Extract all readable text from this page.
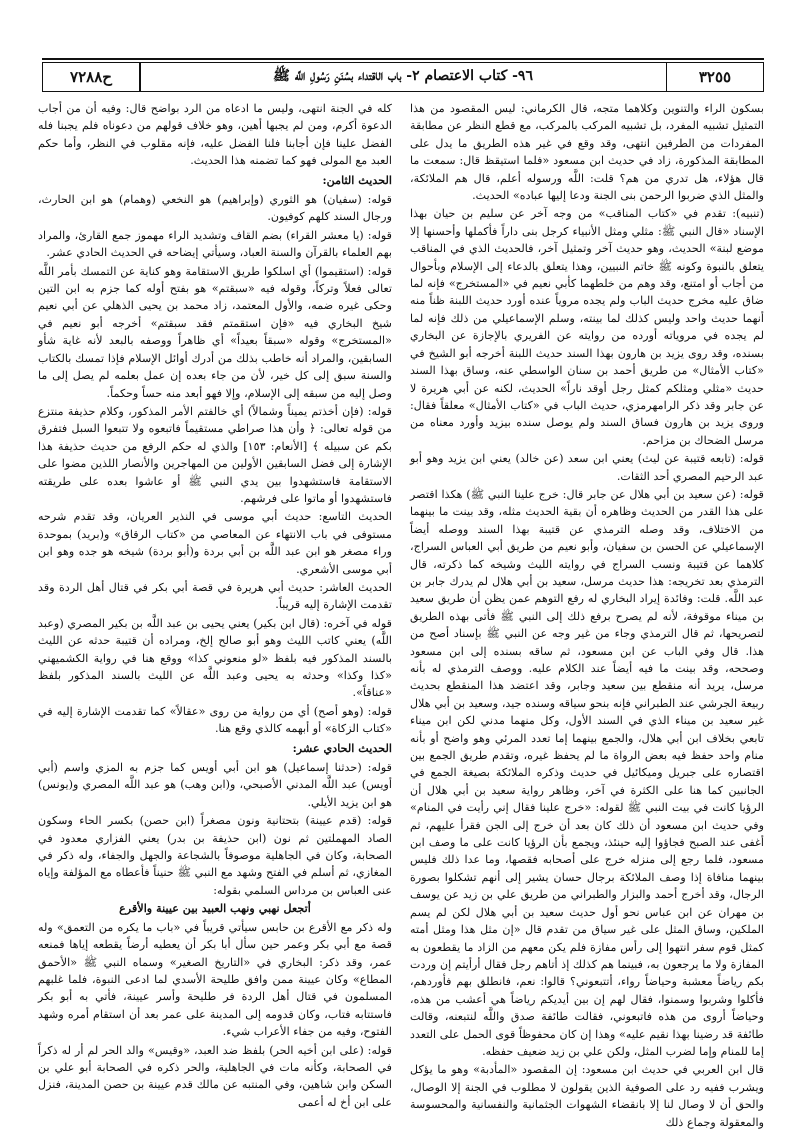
٣٢٥٥
٩٦- كتاب الاعتصام ٢- باب الاقتداء بسُنَنِ رَسُولِ اللَّه ﷺ
ح٧٢٨٨

بسكون الراء والتنوين وكلاهما متجه، قال الكرماني: ليس المقصود من هذا التمثيل تشبيه المفرد، بل تشبيه المركب بالمركب، مع قطع النظر عن مطابقة المفردات من الطرفين انتهى، وقد وقع في غير هذه الطريق ما يدل على المطابقة المذكورة، زاد في حديث ابن مسعود «فلما استيقظ قال: سمعت ما قال هؤلاء، هل تدري من هم؟ قلت: اللَّه ورسوله أعلم، قال هم الملائكة، والمثل الذي ضربوا الرحمن بنى الجنة ودعا إليها عباده» الحديث.

(تنبيه): تقدم في «كتاب المناقب» من وجه آخر عن سليم بن حيان بهذا الإسناد «قال النبي ﷺ: مثلي ومثل الأنبياء كرجل بنى داراً فأكملها وأحسنها إلا موضع لبنة» الحديث، وهو حديث آخر وتمثيل آخر، فالحديث الذي في المناقب يتعلق بالنبوة وكونه ﷺ خاتم النبيين، وهذا يتعلق بالدعاء إلى الإسلام وبأحوال من أجاب أو امتنع، وقد وهم من خلطهما كأبي نعيم في «المستخرج» فإنه لما ضاق عليه مخرج حديث الباب ولم يجده مروياً عنده أورد حديث اللبنة ظناً منه أنهما حديث واحد وليس كذلك لما بينته، وسلم الإسماعيلي من ذلك فإنه لما لم يجده في مروياته أورده من روايته عن الفريري بالإجازة عن البخاري بسنده، وقد روى يزيد بن هارون بهذا السند حديث اللبنة أخرجه أبو الشيخ في «كتاب الأمثال» من طريق أحمد بن سنان الواسطي عنه، وساق بهذا السند حديث «مثلي ومثلكم كمثل رجل أوقد ناراً» الحديث، لكنه عن أبي هريرة لا عن جابر وقد ذكر الرامهرمزي، حديث الباب في «كتاب الأمثال» معلقاً فقال: وروى يزيد بن هارون فساق السند ولم يوصل سنده بيزيد وأورد معناه من مرسل الضحاك بن مزاحم.

قوله: (تابعه قتيبة عن ليث) يعني ابن سعد (عن خالد) يعني ابن يزيد وهو أبو عبد الرحيم المصري أحد الثقات.

قوله: (عن سعيد بن أبي هلال عن جابر قال: خرج علينا النبي ﷺ) هكذا اقتصر على هذا القدر من الحديث وظاهره أن بقية الحديث مثله، وقد بينت ما بينهما من الاختلاف، وقد وصله الترمذي عن قتيبة بهذا السند ووصله أيضاً الإسماعيلي عن الحسن بن سفيان، وأبو نعيم من طريق أبي العباس السراج، كلاهما عن قتيبة ونسب السراج في روايته الليث وشيخه كما ذكرته، قال الترمذي بعد تخريجه: هذا حديث مرسل، سعيد بن أبي هلال لم يدرك جابر بن عبد اللَّه. قلت: وفائدة إيراد البخاري له رفع التوهم عمن يظن أن طريق سعيد بن ميناء موقوفة، لأنه لم يصرح برفع ذلك إلى النبي ﷺ فأتى بهذه الطريق لتصريحها، ثم قال الترمذي وجاء من غير وجه عن النبي ﷺ بإسناد أصح من هذا. قال وفي الباب عن ابن مسعود، ثم ساقه بسنده إلى ابن مسعود وصححه، وقد بينت ما فيه أيضاً عند الكلام عليه. ووصف الترمذي له بأنه مرسل، يريد أنه منقطع بين سعيد وجابر، وقد اعتضد هذا المنقطع بحديث ربيعة الجرشي عند الطبراني فإنه بنحو سياقه وسنده جيد، وسعيد بن أبي هلال غير سعيد بن ميناء الذي في السند الأول، وكل منهما مدني لكن ابن ميناء تابعي بخلاف ابن أبي هلال، والجمع بينهما إما تعدد المرئي وهو واضح أو بأنه منام واحد حفظ فيه بعض الرواة ما لم يحفظ غيره، وتقدم طريق الجمع بين اقتصاره على جبريل وميكائيل في حديث وذكره الملائكة بصيغة الجمع في الجانبين كما هنا على الكثرة في آخر، وظاهر رواية سعيد بن أبي هلال أن الرؤيا كانت في بيت النبي ﷺ لقوله: «خرج علينا فقال إني رأيت في المنام» وفي حديث ابن مسعود أن ذلك كان بعد أن خرج إلى الجن فقرأ عليهم، ثم أغفى عند الصبح فجاؤوا إليه حينئذ، ويجمع بأن الرؤيا كانت على ما وصف ابن مسعود، فلما رجع إلى منزله خرج على أصحابه فقصها، وما عدا ذلك فليس بينهما منافاة إذا وصف الملائكة برجال حسان يشير إلى أنهم تشكلوا بصورة الرجال، وقد أخرج أحمد والبزار والطبراني من طريق علي بن زيد عن يوسف بن مهران عن ابن عباس نحو أول حديث سعيد بن أبي هلال لكن لم يسم الملكين، وساق المثل على غير سياق من تقدم قال «إن مثل هذا ومثل أمته كمثل قوم سفر انتهوا إلى رأس مفازة فلم يكن معهم من الزاد ما يقطعون به المفازة ولا ما يرجعون به، فبينما هم كذلك إذ أتاهم رجل فقال أرأيتم إن وردت بكم رياضاً معشبة وحياضاً رواء، أتتبعوني؟ قالوا: نعم، فانطلق بهم فأوردهم، فأكلوا وشربوا وسمنوا، فقال لهم إن بين أيديكم رياضاً هي أعشب من هذه، وحياضاً أروى من هذه فاتبعوني، فقالت طائفة صدق واللَّه لنتبعنه، وقالت طائفة قد رضينا بهذا نقيم عليه» وهذا إن كان محفوظاً قوى الحمل على التعدد إما للمنام وإما لضرب المثل، ولكن علي بن زيد ضعيف حفظه.

قال ابن العربي في حديث ابن مسعود: إن المقصود «المأدبة» وهو ما يؤكل ويشرب ففيه رد على الصوفية الذين يقولون لا مطلوب في الجنة إلا الوصال، والحق أن لا وصال لنا إلا بانقضاء الشهوات الجثمانية والنفسانية والمحسوسة والمعقولة وجماع ذلك

كله في الجنة انتهى، وليس ما ادعاه من الرد بواضح قال: وفيه أن من أجاب الدعوة أكرم، ومن لم يجبها أهين، وهو خلاف قولهم من دعوناه فلم يجبنا فله الفضل علينا فإن أجابنا فلنا الفضل عليه، فإنه مقلوب في النظر، وأما حكم العبد مع المولى فهو كما تضمنه هذا الحديث.

الحديث الثامن:

قوله: (سفيان) هو الثوري (وإبراهيم) هو النخعي (وهمام) هو ابن الحارث، ورجال السند كلهم كوفيون.

قوله: (يا معشر القراء) بضم القاف وتشديد الراء مهموز جمع القارئ، والمراد بهم العلماء بالقرآن والسنة العباد، وسيأتي إيضاحه في الحديث الحادي عشر.

قوله: (استقيموا) أي اسلكوا طريق الاستقامة وهو كناية عن التمسك بأمر اللَّه تعالى فعلاً وتركاً، وقوله فيه «سبقتم» هو بفتح أوله كما جزم به ابن التين وحكى غيره ضمه، والأول المعتمد، زاد محمد بن يحيى الذهلي عن أبي نعيم شيخ البخاري فيه «فإن استقمتم فقد سبقتم» أخرجه أبو نعيم في «المستخرج» وقوله «سبقاً بعيداً» أي ظاهراً ووصفه بالبعد لأنه غاية شأو السابقين، والمراد أنه خاطب بذلك من أدرك أوائل الإسلام فإذا تمسك بالكتاب والسنة سبق إلى كل خير، لأن من جاء بعده إن عمل بعلمه لم يصل إلى ما وصل إليه من سبقه إلى الإسلام، وإلا فهو أبعد منه حساً وحكماً.

قوله: (فإن أخذتم يميناً وشمالاً) أي خالفتم الأمر المذكور، وكلام حذيفة منتزع من قوله تعالى: ﴿ وأن هذا صراطي مستقيماً فاتبعوه ولا تتبعوا السبل فتفرق بكم عن سبيله ﴾ [الأنعام: ١٥٣] والذي له حكم الرفع من حديث حذيفة هذا الإشارة إلى فضل السابقين الأولين من المهاجرين والأنصار اللذين مضوا على الاستقامة فاستشهدوا بين يدي النبي ﷺ أو عاشوا بعده على طريقته فاستشهدوا أو ماتوا على فرشهم.

الحديث التاسع: حديث أبي موسى في النذير العريان، وقد تقدم شرحه مستوفى في باب الانتهاء عن المعاصي من «كتاب الرقاق» و(بريد) بموحدة وراء مصغر هو ابن عبد اللَّه بن أبي بردة و(أبو بردة) شيخه هو جده وهو ابن أبي موسى الأشعري.

الحديث العاشر: حديث أبي هريرة في قصة أبي بكر في قتال أهل الردة وقد تقدمت الإشارة إليه قريباً.

قوله في آخره: (قال ابن بكير) يعني يحيى بن عبد اللَّه بن بكير المصري (وعبد اللَّه) يعني كاتب الليث وهو أبو صالح إلخ، ومراده أن قتيبة حدثه عن الليث بالسند المذكور فيه بلفظ «لو منعوني كذا» ووقع هنا في رواية الكشميهني «كذا وكذا» وحدثه به يحيى وعبد اللَّه عن الليث بالسند المذكور بلفظ «عناقاً».

قوله: (وهو أصح) أي من رواية من روى «عقالاً» كما تقدمت الإشارة إليه في «كتاب الزكاة» أو أبهمه كالذي وقع هنا.

الحديث الحادي عشر:

قوله: (حدثنا إسماعيل) هو ابن أبي أويس كما جزم به المزي واسم (أبي أويس) عبد اللَّه المدني الأصبحي، و(ابن وهب) هو عبد اللَّه المصري و(يونس) هو ابن يزيد الأيلي.

قوله: (قدم عيينة) بتحتانية ونون مصغراً (ابن حصن) بكسر الحاء وسكون الصاد المهملتين ثم نون (ابن حذيفة بن بدر) يعني الفزاري معدود في الصحابة، وكان في الجاهلية موصوفاً بالشجاعة والجهل والجفاء، وله ذكر في المغازي، ثم أسلم في الفتح وشهد مع النبي ﷺ حنيناً فأعطاه مع المؤلفة وإياه عنى العباس بن مرداس السلمي بقوله:

أتجعل نهبي ونهب العبيد بين عيينة والأقرع

وله ذكر مع الأقرع بن حابس سيأتي قريباً في «باب ما يكره من التعمق» وله قصة مع أبي بكر وعمر حين سأل أبا بكر أن يعطيه أرضاً يقطعه إياها فمنعه عمر، وقد ذكر: البخاري في «التاريخ الصغير» وسماه النبي ﷺ «الأحمق المطاع» وكان عيينة ممن وافق طليحة الأسدي لما ادعى النبوة، فلما غلبهم المسلمون في قتال أهل الردة فر طليحة وأسر عيينة، فأتي به أبو بكر فاستتابه فتاب، وكان قدومه إلى المدينة على عمر بعد أن استقام أمره وشهد الفتوح، وفيه من جفاء الأعراب شيء.

قوله: (على ابن أخيه الحر) بلفظ ضد العبد، «وقيس» والد الحر لم أر له ذكراً في الصحابة، وكأنه مات في الجاهلية، والحر ذكره في الصحابة أبو علي بن السكن وابن شاهين، وفي المنتبه عن مالك قدم عيينة بن حصن المدينة، فنزل على ابن أخ له أعمى
